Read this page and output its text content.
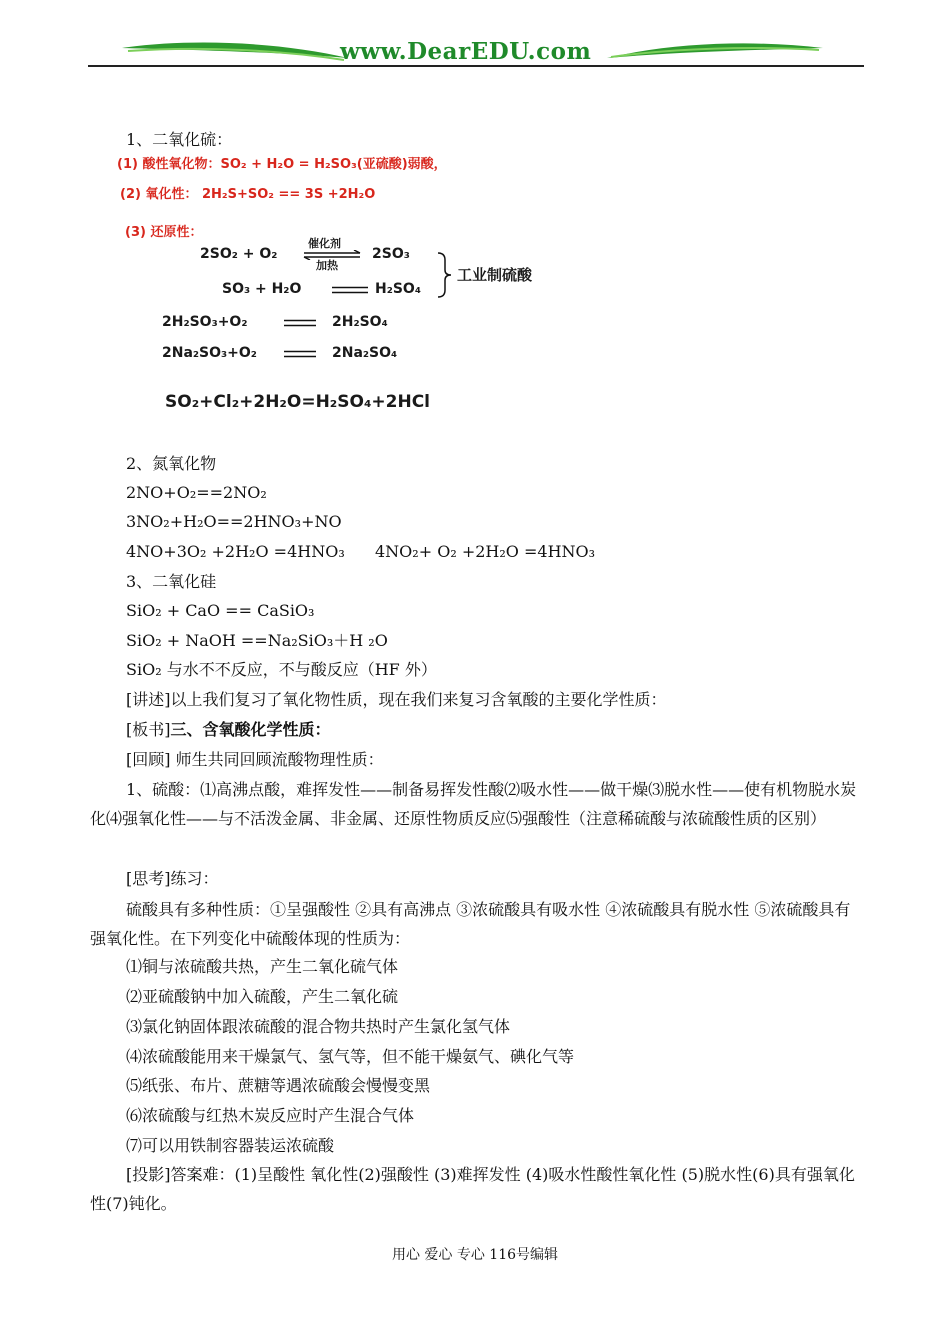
www.DearEDU.com
1、二氧化硫：
(1) 酸性氧化物：SO₂ + H₂O = H₂SO₃(亚硫酸)弱酸，
(2) 氧化性： 2H₂S+SO₂ == 3S +2H₂O
(3) 还原性：
2SO₂ + O₂
催化剂
加热
2SO₃
SO₃ + H₂O	H₂SO₄
工业制硫酸
2H₂SO₃+O₂	2H₂SO₄
2Na₂SO₃+O₂	2Na₂SO₄
SO₂+Cl₂+2H₂O=H₂SO₄+2HCl
2、氮氧化物
2NO+O₂==2NO₂
3NO₂+H₂O==2HNO₃+NO
4NO+3O₂ +2H₂O =4HNO₃ 4NO₂+ O₂ +2H₂O =4HNO₃
3、二氧化硅
SiO₂ + CaO == CaSiO₃
SiO₂ + NaOH ==Na₂SiO₃＋H ₂O
SiO₂ 与水不不反应，不与酸反应（HF 外）
[讲述]以上我们复习了氧化物性质，现在我们来复习含氧酸的主要化学性质：
[板书]三、含氧酸化学性质：
[回顾] 师生共同回顾流酸物理性质：
1、硫酸：⑴高沸点酸，难挥发性——制备易挥发性酸⑵吸水性——做干燥⑶脱水性——使有机物脱水炭化⑷强氧化性——与不活泼金属、非金属、还原性物质反应⑸强酸性（注意稀硫酸与浓硫酸性质的区别）
[思考]练习：
硫酸具有多种性质：①呈强酸性 ②具有高沸点 ③浓硫酸具有吸水性 ④浓硫酸具有脱水性 ⑤浓硫酸具有强氧化性。在下列变化中硫酸体现的性质为：
⑴铜与浓硫酸共热，产生二氧化硫气体
⑵亚硫酸钠中加入硫酸，产生二氧化硫
⑶氯化钠固体跟浓硫酸的混合物共热时产生氯化氢气体
⑷浓硫酸能用来干燥氯气、氢气等，但不能干燥氨气、碘化气等
⑸纸张、布片、蔗糖等遇浓硫酸会慢慢变黑
⑹浓硫酸与红热木炭反应时产生混合气体
⑺可以用铁制容器装运浓硫酸
[投影]答案难：(1)呈酸性 氧化性(2)强酸性 (3)难挥发性 (4)吸水性酸性氧化性 (5)脱水性(6)具有强氧化性(7)钝化。
用心 爱心 专心 116号编辑
